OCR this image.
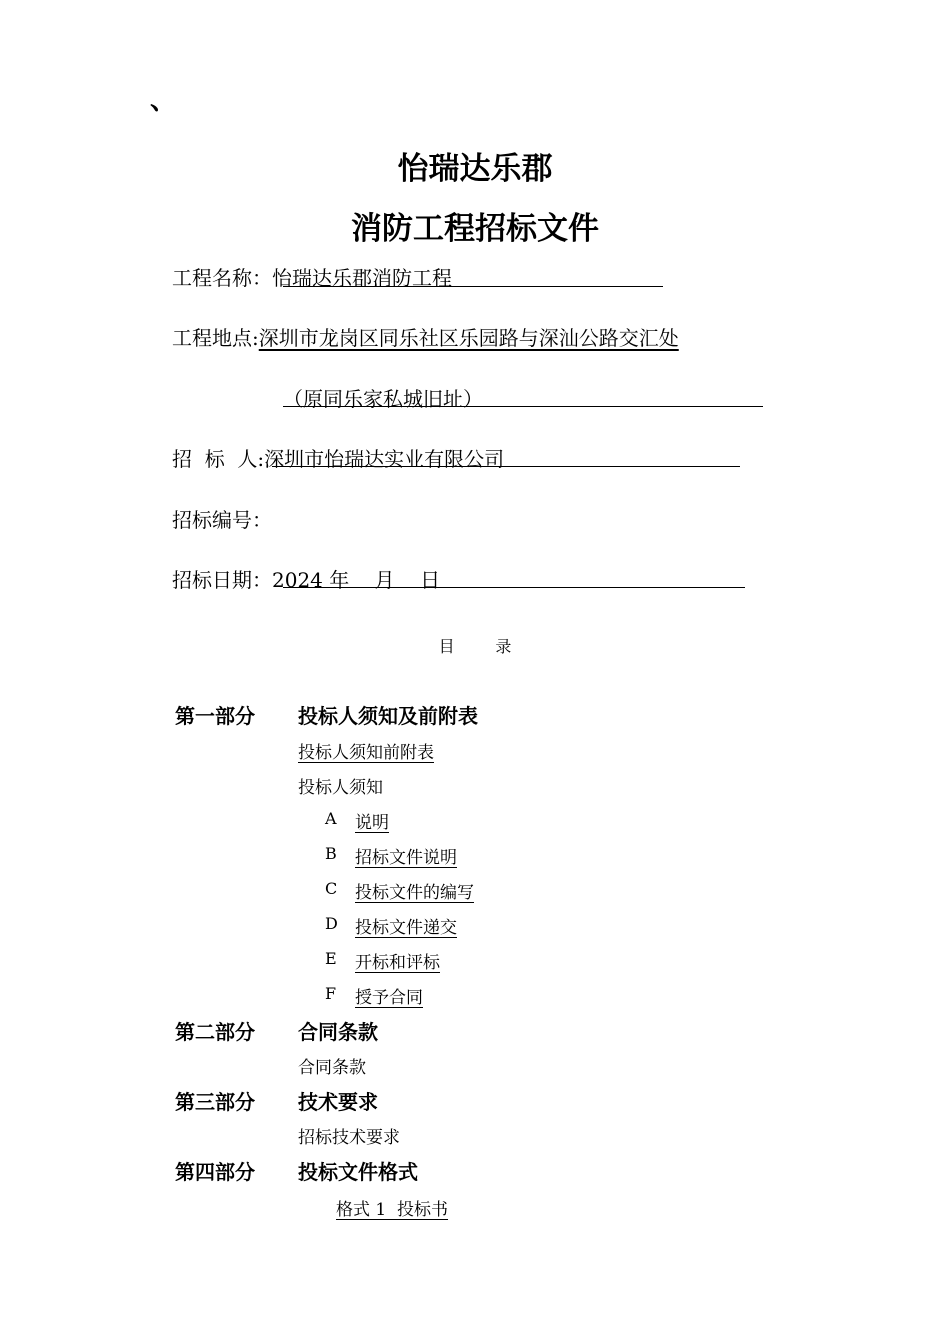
、
怡瑞达乐郡
消防工程招标文件
工程名称：怡瑞达乐郡消防工程
工程地点:深圳市龙岗区同乐社区乐园路与深汕公路交汇处
（原同乐家私城旧址）
招  标  人:深圳市怡瑞达实业有限公司
招标编号：
招标日期：2024 年    月    日
目        录
第一部分 投标人须知及前附表
投标人须知前附表
投标人须知
A 说明
B 招标文件说明
C 投标文件的编写
D 投标文件递交
E 开标和评标
F 授予合同
第二部分 合同条款
合同条款
第三部分 技术要求
招标技术要求
第四部分 投标文件格式
格式 1  投标书
